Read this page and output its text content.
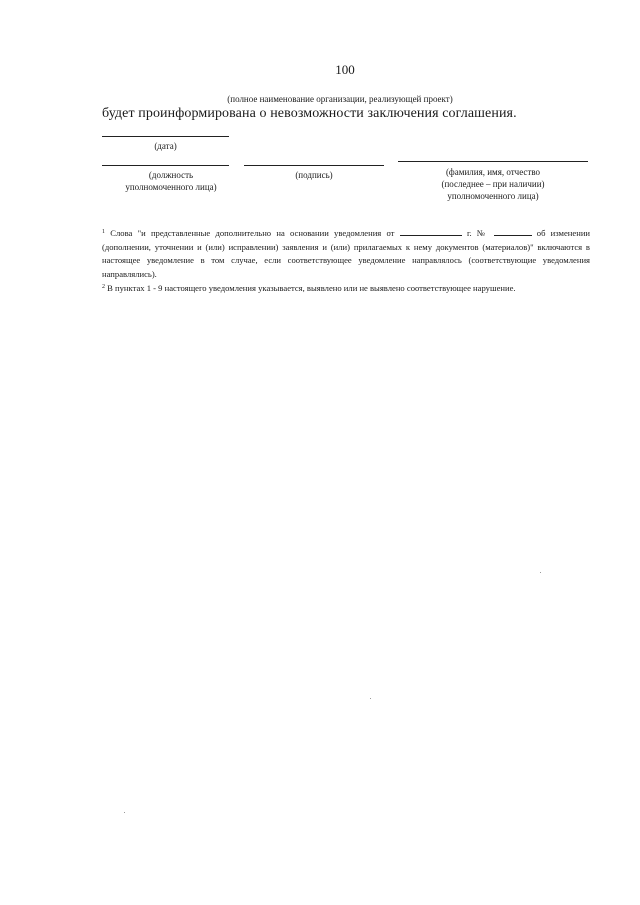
100
(полное наименование организации, реализующей проект)
будет проинформирована о невозможности заключения соглашения.
(дата)
(должность
уполномоченного лица)
(подпись)	(фамилия, имя, отчество
(последнее – при наличии)
уполномоченного лица)

$^1$ Слова "и представленные дополнительно на основании уведомления от	г. №	об изменении (дополнении, уточнении и (или) исправлении) заявления и (или) прилагаемых к нему документов (материалов)" включаются в настоящее уведомление в том случае, если соответствующее уведомление направлялось (соответствующие уведомления направлялись).

$^2$ В пунктах 1 - 9 настоящего уведомления указывается, выявлено или не выявлено соответствующее нарушение.
